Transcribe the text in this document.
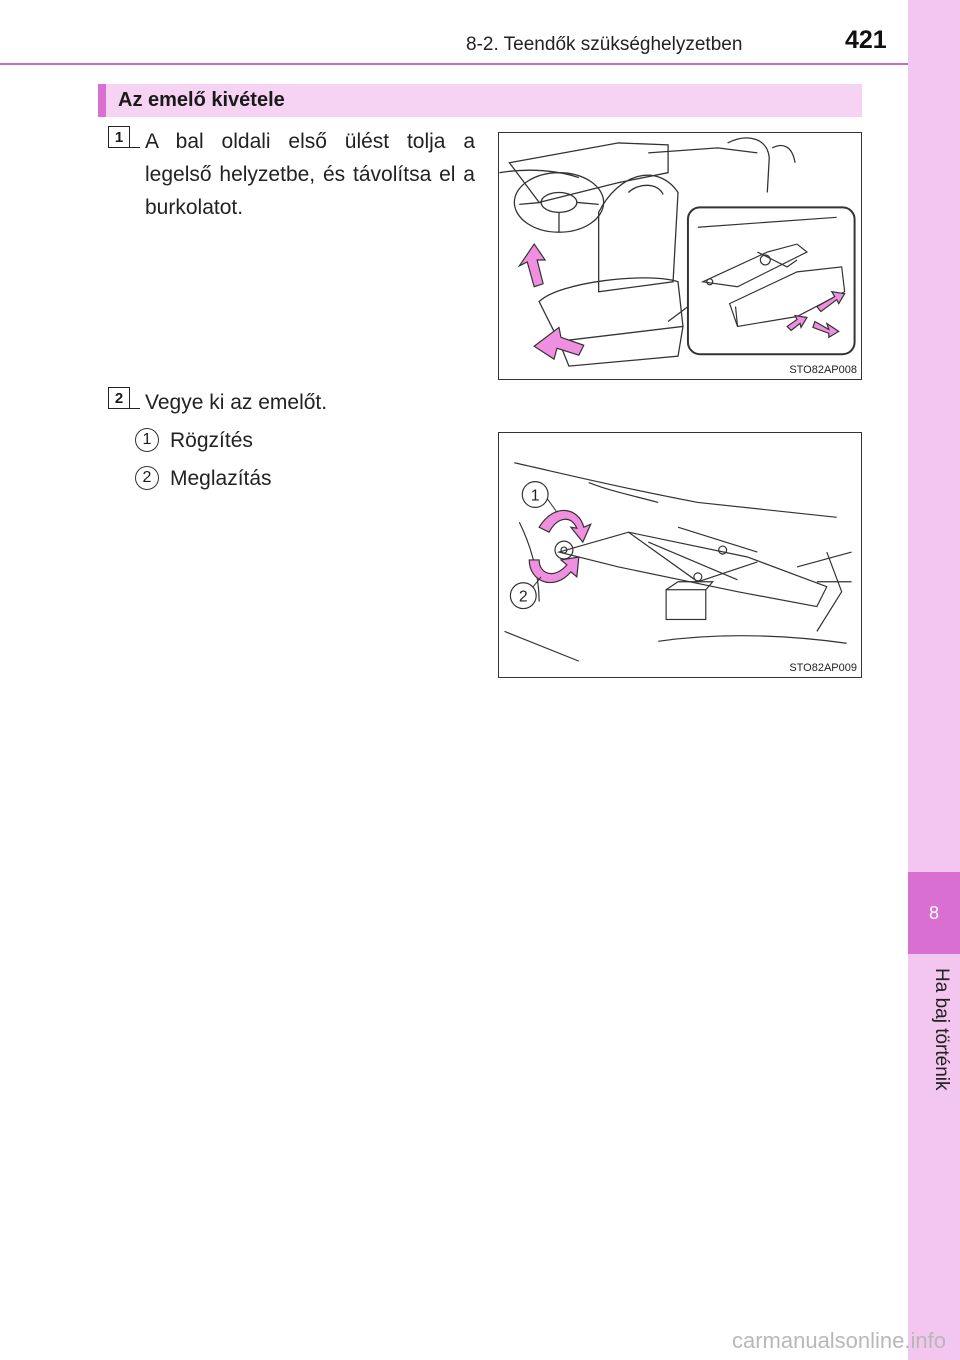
8-2. Teendők szükséghelyzetben	421
8
Ha baj történik
Az emelő kivétele
1	A bal oldali első ülést tolja a legelső helyzetbe, és távolítsa el a burkolatot.
STO82AP008
2	Vegye ki az emelőt.
1 Rögzítés
2 Meglazítás
1
2
STO82AP009
carmanualsonline.info
